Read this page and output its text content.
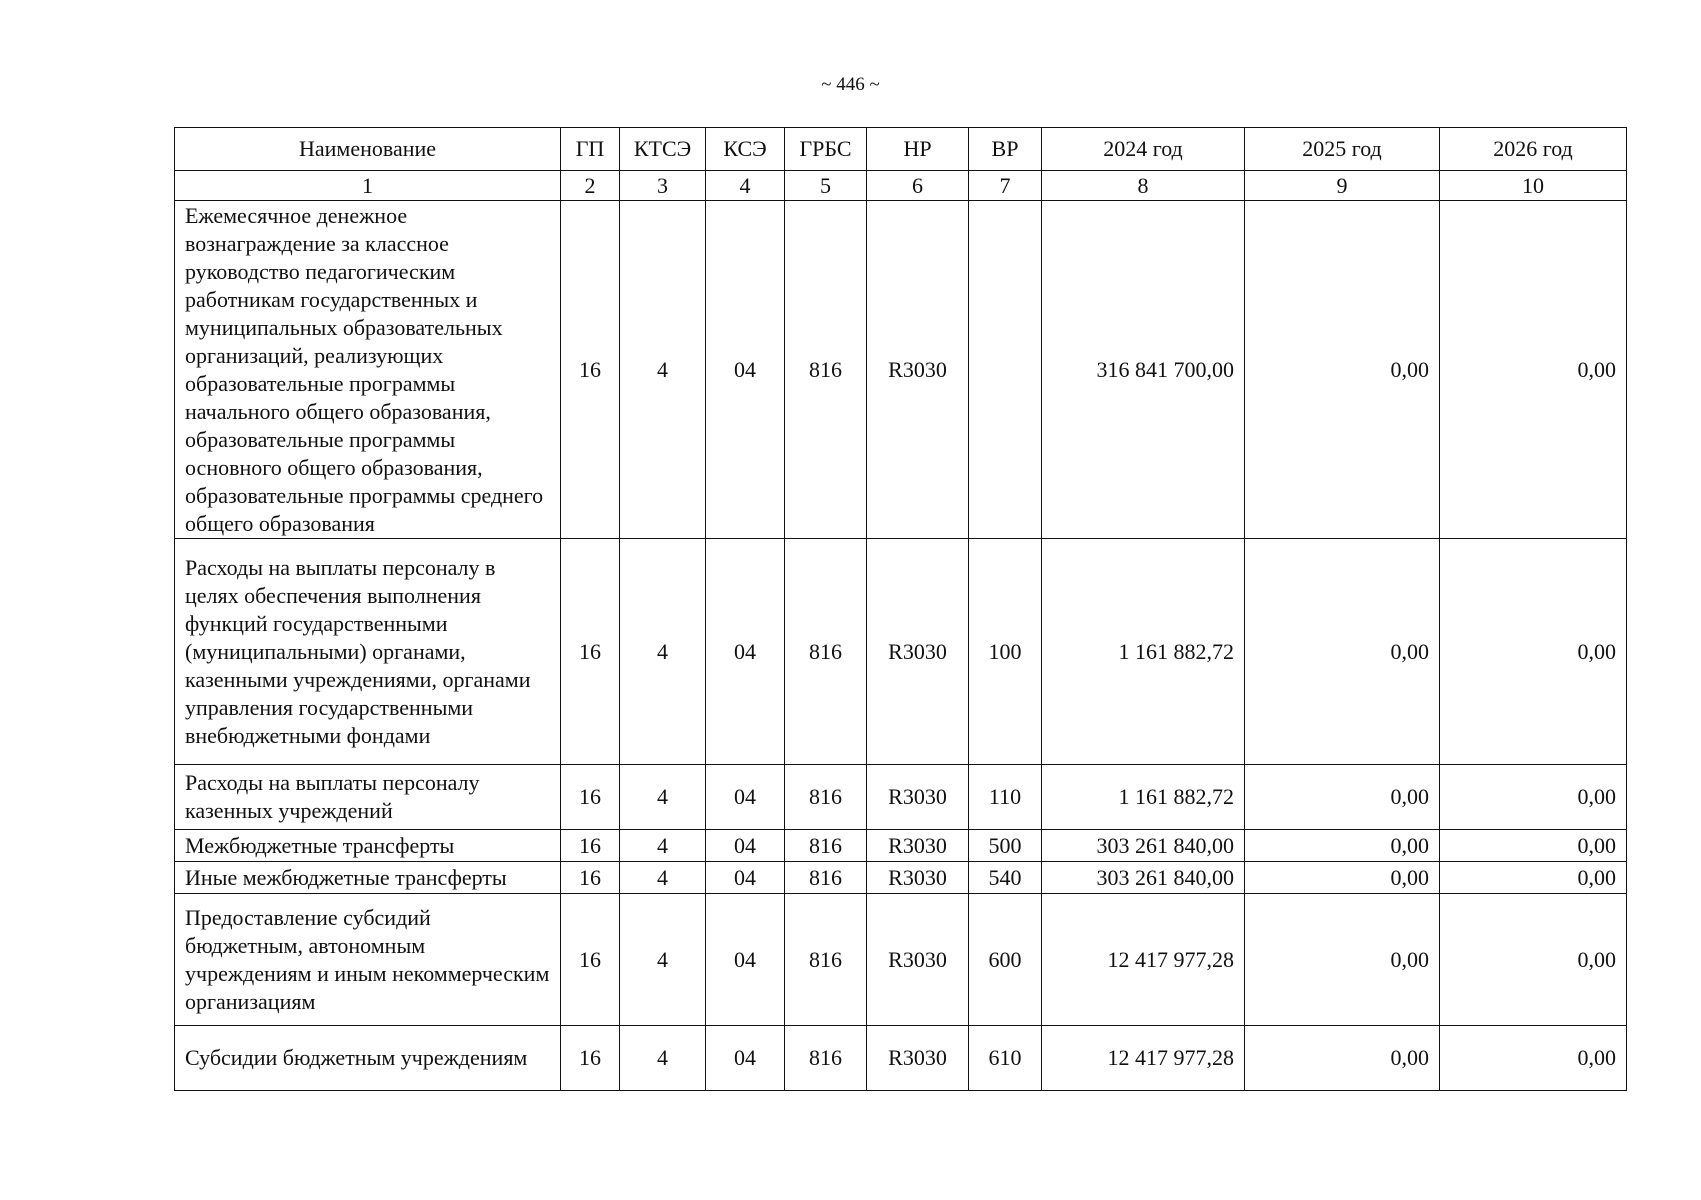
~ 446 ~
Наименование	ГП	КТСЭ	КСЭ	ГРБС	НР	ВР	2024 год	2025 год	2026 год
1	2	3	4	5	6	7	8	9	10
Ежемесячное денежное вознаграждение за классное руководство педагогическим работникам государственных и муниципальных образовательных организаций, реализующих образовательные программы начального общего образования, образовательные программы основного общего образования, образовательные программы среднего общего образования	16	4	04	816	R3030		316 841 700,00	0,00	0,00
Расходы на выплаты персоналу в целях обеспечения выполнения функций государственными (муниципальными) органами, казенными учреждениями, органами управления государственными внебюджетными фондами	16	4	04	816	R3030	100	1 161 882,72	0,00	0,00
Расходы на выплаты персоналу казенных учреждений	16	4	04	816	R3030	110	1 161 882,72	0,00	0,00
Межбюджетные трансферты	16	4	04	816	R3030	500	303 261 840,00	0,00	0,00
Иные межбюджетные трансферты	16	4	04	816	R3030	540	303 261 840,00	0,00	0,00
Предоставление субсидий бюджетным, автономным учреждениям и иным некоммерческим организациям	16	4	04	816	R3030	600	12 417 977,28	0,00	0,00
Субсидии бюджетным учреждениям	16	4	04	816	R3030	610	12 417 977,28	0,00	0,00
